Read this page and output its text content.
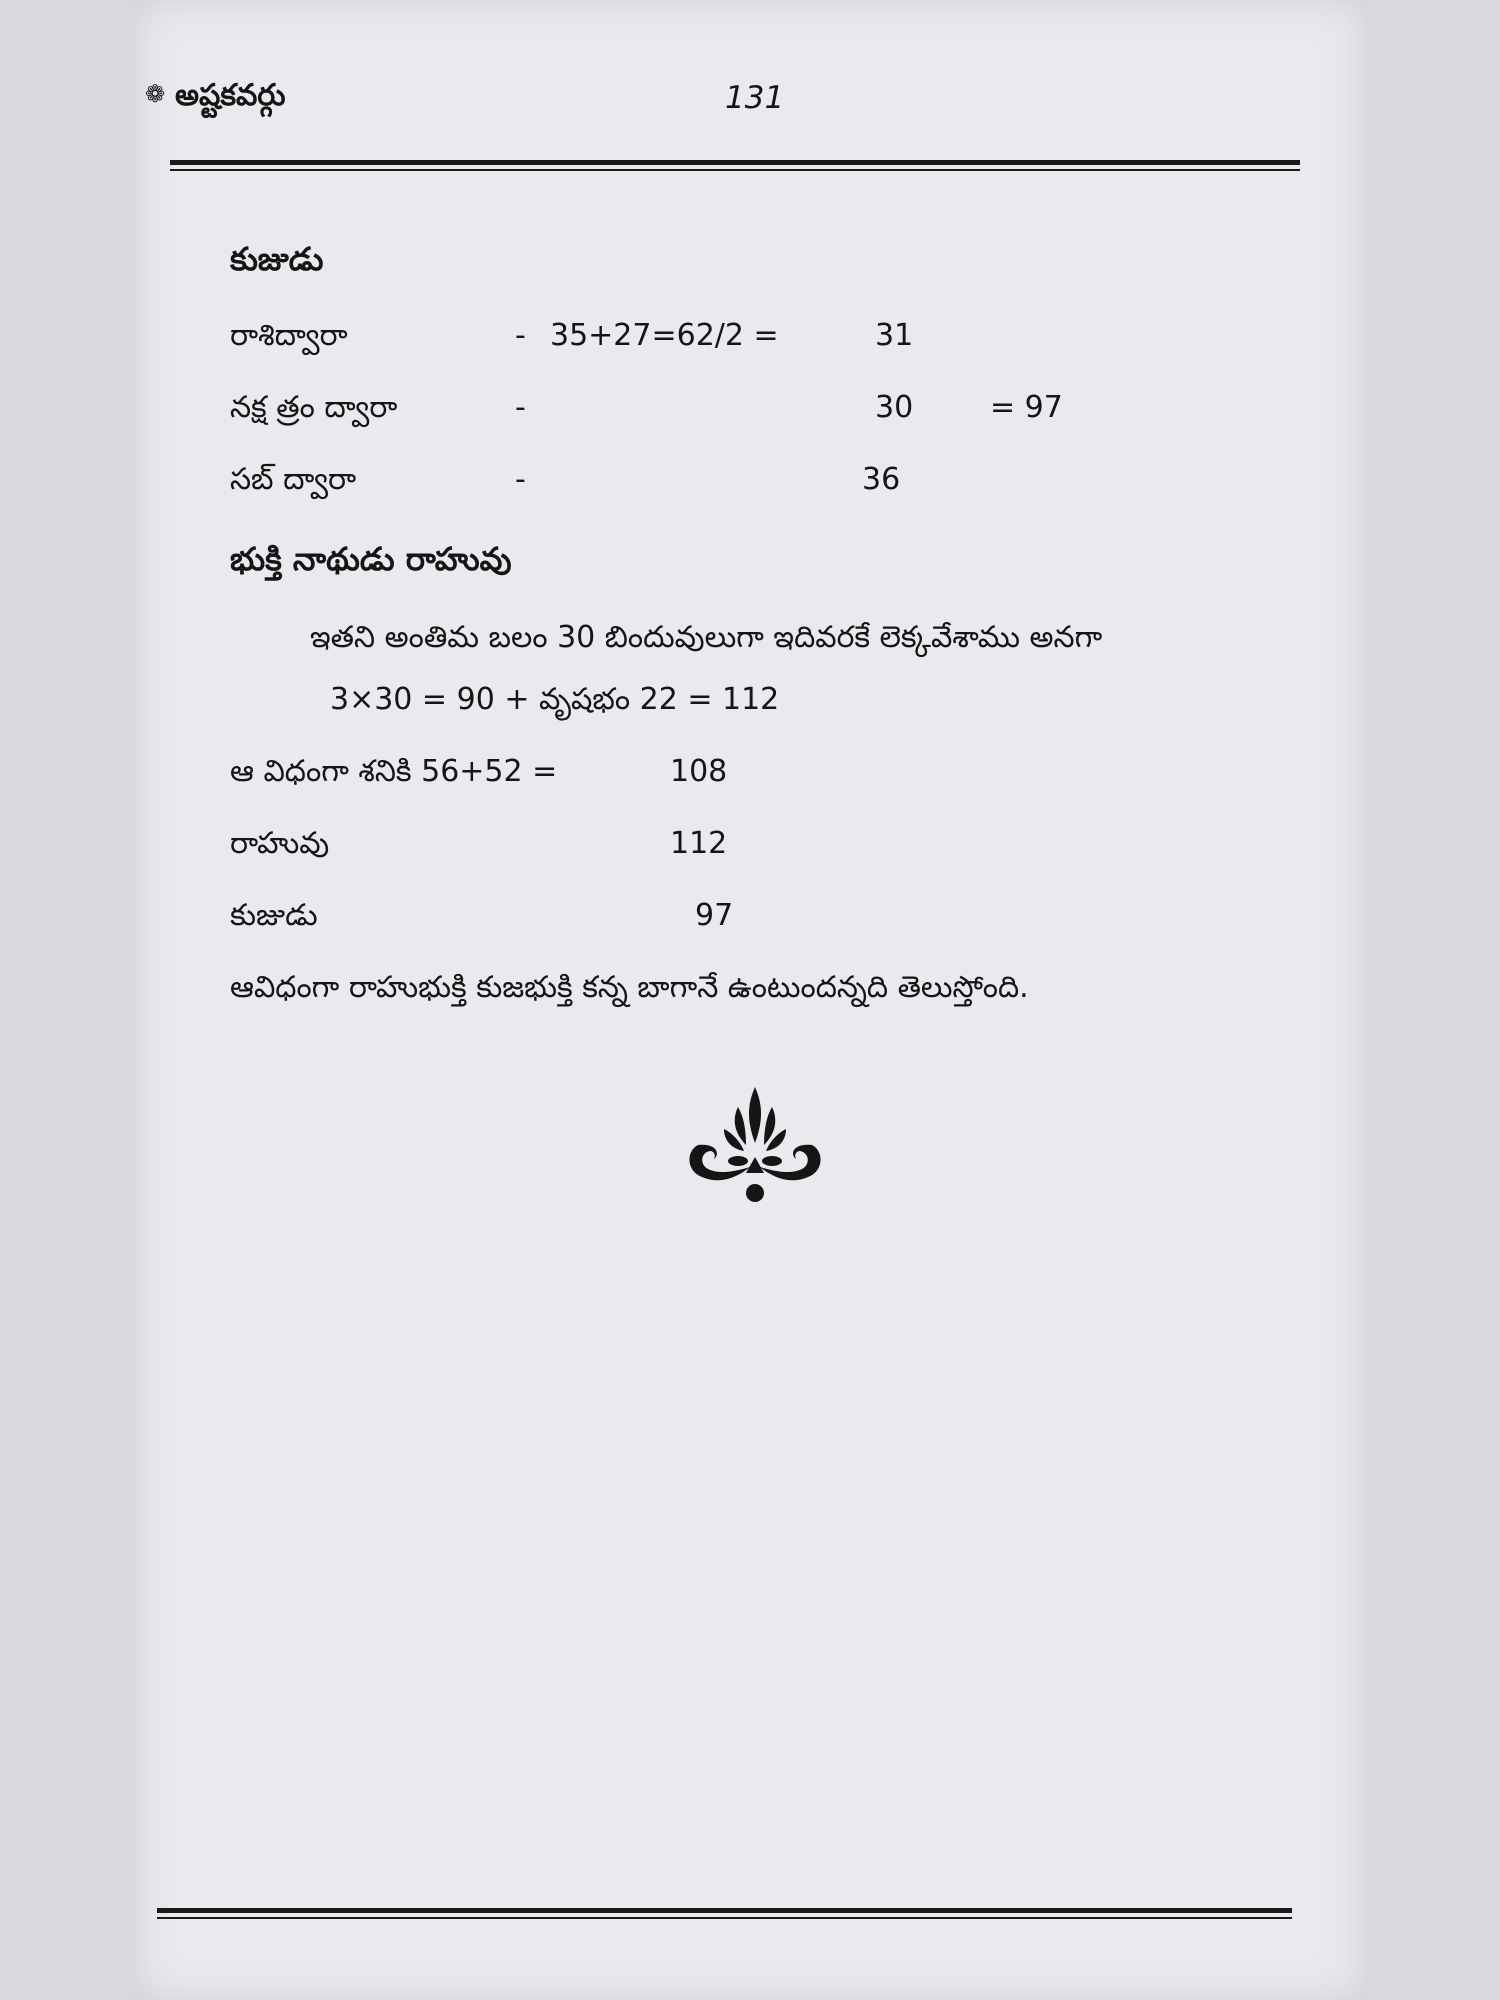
❁ అష్టకవర్గు	131
కుజుడు
రాశిద్వారా	- 35+27=62/2 =	31
నక్ష త్రం ద్వారా	-	30	= 97
సబ్ ద్వారా	-	36
భుక్తి నాథుడు రాహువు
ఇతని అంతిమ బలం 30 బిందువులుగా ఇదివరకే లెక్కవేశాము అనగా
3×30 = 90 + వృషభం 22 = 112
ఆ విధంగా శనికి 56+52 =	108
రాహువు	112
కుజుడు	97
ఆవిధంగా రాహుభుక్తి కుజభుక్తి కన్న బాగానే ఉంటుందన్నది తెలుస్తోంది.
